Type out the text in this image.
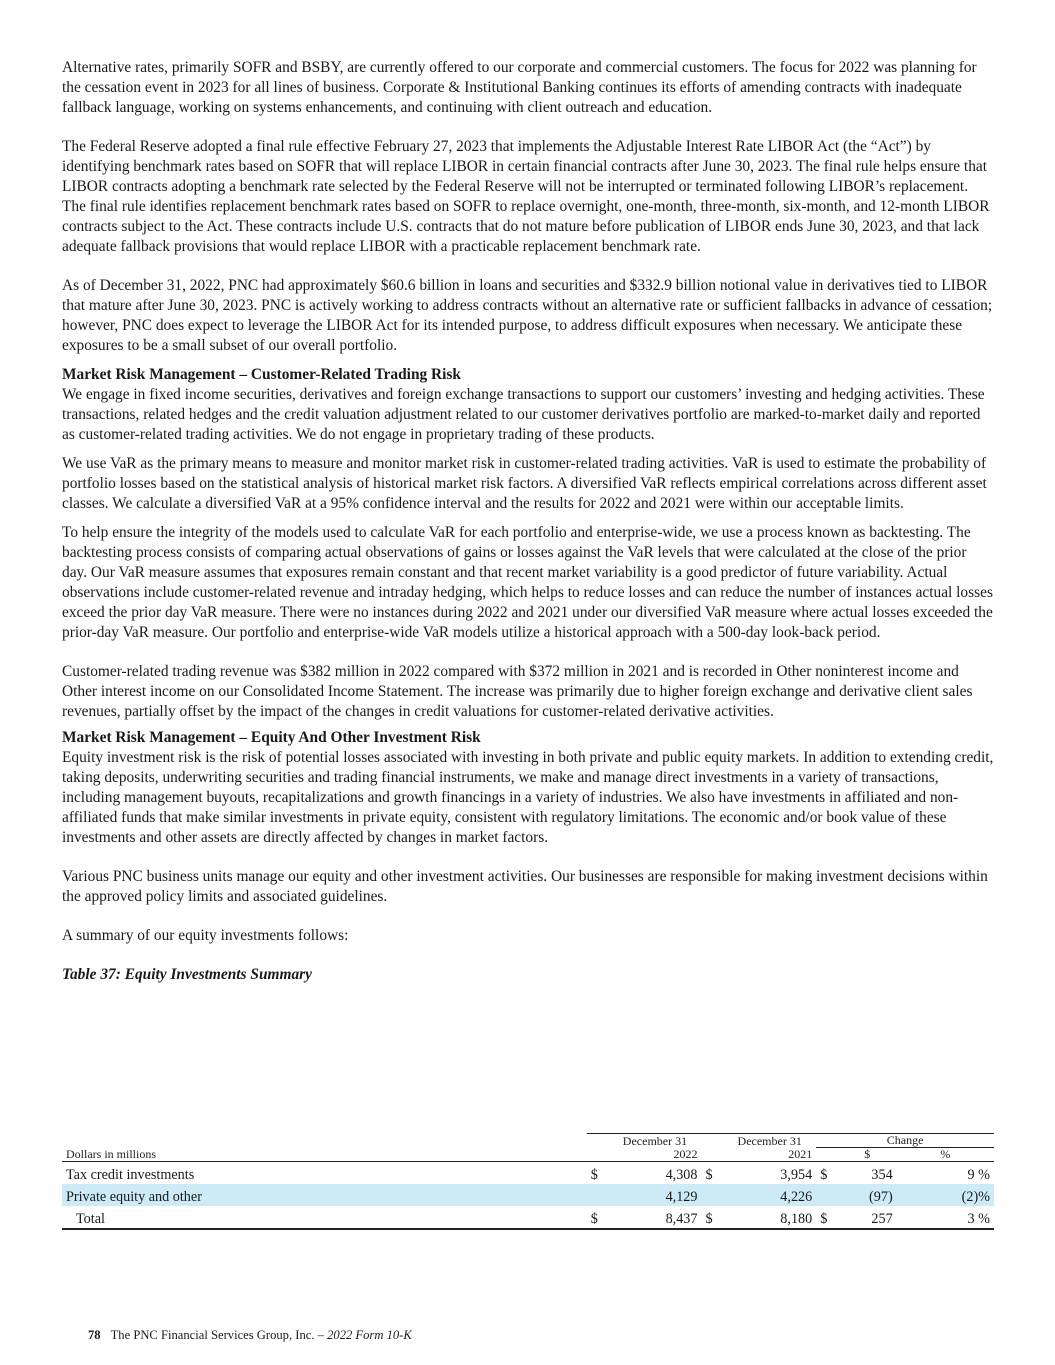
Alternative rates, primarily SOFR and BSBY, are currently offered to our corporate and commercial customers. The focus for 2022 was planning for the cessation event in 2023 for all lines of business. Corporate & Institutional Banking continues its efforts of amending contracts with inadequate fallback language, working on systems enhancements, and continuing with client outreach and education.

The Federal Reserve adopted a final rule effective February 27, 2023 that implements the Adjustable Interest Rate LIBOR Act (the “Act”) by identifying benchmark rates based on SOFR that will replace LIBOR in certain financial contracts after June 30, 2023. The final rule helps ensure that LIBOR contracts adopting a benchmark rate selected by the Federal Reserve will not be interrupted or terminated following LIBOR’s replacement. The final rule identifies replacement benchmark rates based on SOFR to replace overnight, one-month, three-month, six-month, and 12-month LIBOR contracts subject to the Act. These contracts include U.S. contracts that do not mature before publication of LIBOR ends June 30, 2023, and that lack adequate fallback provisions that would replace LIBOR with a practicable replacement benchmark rate.

As of December 31, 2022, PNC had approximately $60.6 billion in loans and securities and $332.9 billion notional value in derivatives tied to LIBOR that mature after June 30, 2023. PNC is actively working to address contracts without an alternative rate or sufficient fallbacks in advance of cessation; however, PNC does expect to leverage the LIBOR Act for its intended purpose, to address difficult exposures when necessary. We anticipate these exposures to be a small subset of our overall portfolio.

Market Risk Management – Customer-Related Trading Risk

We engage in fixed income securities, derivatives and foreign exchange transactions to support our customers’ investing and hedging activities. These transactions, related hedges and the credit valuation adjustment related to our customer derivatives portfolio are marked-to-market daily and reported as customer-related trading activities. We do not engage in proprietary trading of these products.

We use VaR as the primary means to measure and monitor market risk in customer-related trading activities. VaR is used to estimate the probability of portfolio losses based on the statistical analysis of historical market risk factors. A diversified VaR reflects empirical correlations across different asset classes. We calculate a diversified VaR at a 95% confidence interval and the results for 2022 and 2021 were within our acceptable limits.

To help ensure the integrity of the models used to calculate VaR for each portfolio and enterprise-wide, we use a process known as backtesting. The backtesting process consists of comparing actual observations of gains or losses against the VaR levels that were calculated at the close of the prior day. Our VaR measure assumes that exposures remain constant and that recent market variability is a good predictor of future variability. Actual observations include customer-related revenue and intraday hedging, which helps to reduce losses and can reduce the number of instances actual losses exceed the prior day VaR measure. There were no instances during 2022 and 2021 under our diversified VaR measure where actual losses exceeded the prior-day VaR measure. Our portfolio and enterprise-wide VaR models utilize a historical approach with a 500-day look-back period.

Customer-related trading revenue was $382 million in 2022 compared with $372 million in 2021 and is recorded in Other noninterest income and Other interest income on our Consolidated Income Statement. The increase was primarily due to higher foreign exchange and derivative client sales revenues, partially offset by the impact of the changes in credit valuations for customer-related derivative activities.

Market Risk Management – Equity And Other Investment Risk

Equity investment risk is the risk of potential losses associated with investing in both private and public equity markets. In addition to extending credit, taking deposits, underwriting securities and trading financial instruments, we make and manage direct investments in a variety of transactions, including management buyouts, recapitalizations and growth financings in a variety of industries. We also have investments in affiliated and non-affiliated funds that make similar investments in private equity, consistent with regulatory limitations. The economic and/or book value of these investments and other assets are directly affected by changes in market factors.

Various PNC business units manage our equity and other investment activities. Our businesses are responsible for making investment decisions within the approved policy limits and associated guidelines.

A summary of our equity investments follows:

Table 37: Equity Investments Summary

		December 31		December 31	Change		
Dollars in millions		2022		2021		$	%
Tax credit investments	$	4,308	$	3,954	$	354	9 %
Private equity and other		4,129		4,226		(97)	(2)%
Total	$	8,437	$	8,180	$	257	3 %
78 The PNC Financial Services Group, Inc. – 2022 Form 10-K
